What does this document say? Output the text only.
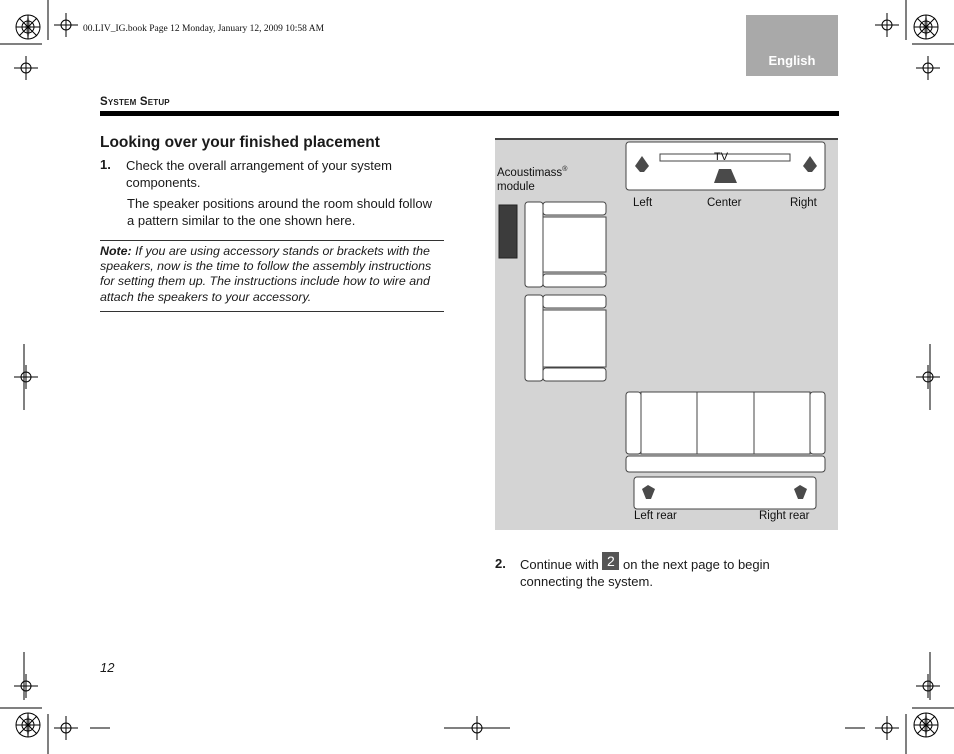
00.LIV_IG.book Page 12 Monday, January 12, 2009 10:58 AM
English
System Setup
Looking over your finished placement
1. Check the overall arrangement of your system components.
The speaker positions around the room should follow a pattern similar to the one shown here.
Note: If you are using accessory stands or brackets with the speakers, now is the time to follow the assembly instructions for setting them up. The instructions include how to wire and attach the speakers to your accessory.
Acoustimass®
module
TV
Left	Center	Right
Left rear	Right rear
2. Continue with 2 on the next page to begin connecting the system.
12
